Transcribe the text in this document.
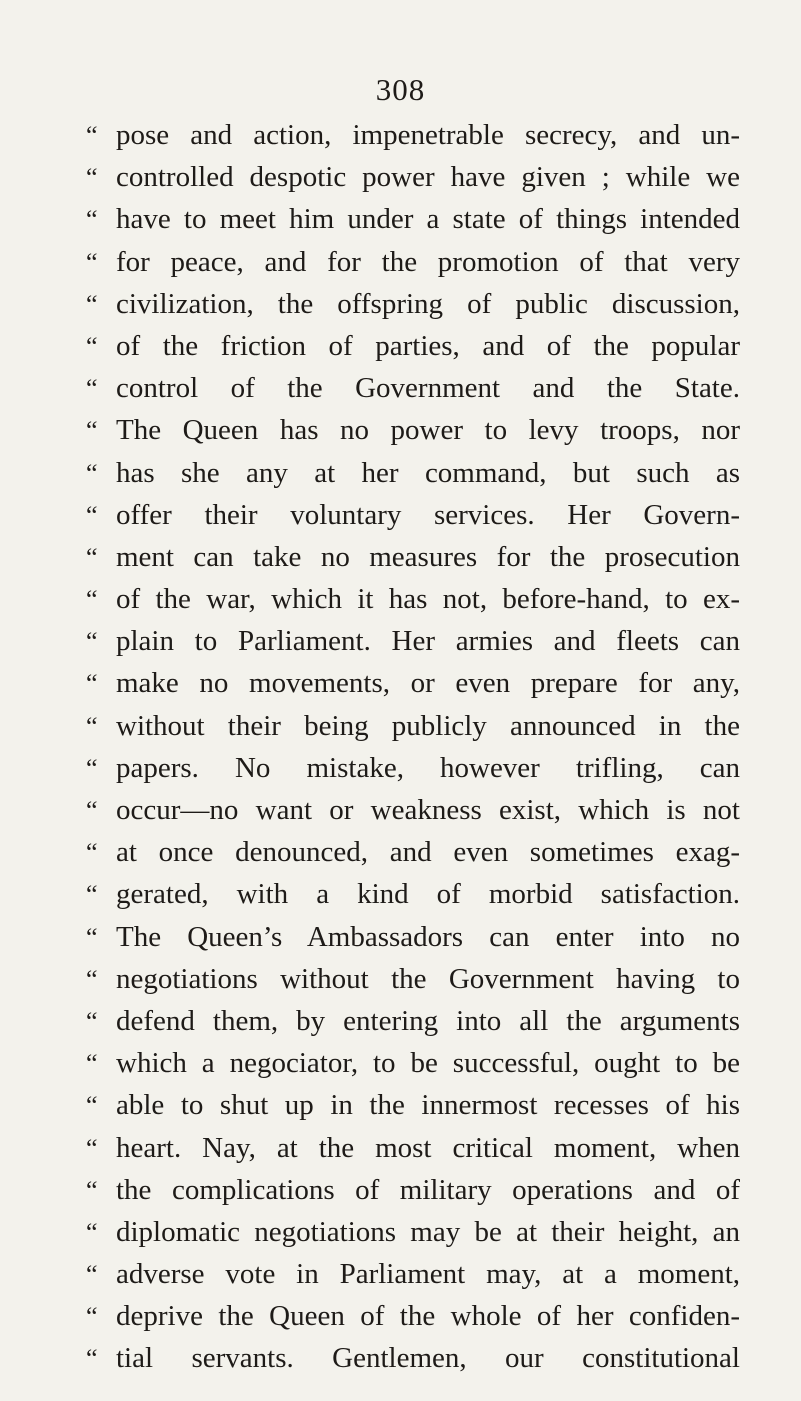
308
“ pose and action, impenetrable secrecy, and un-
“ controlled despotic power have given ; while we
“ have to meet him under a state of things intended
“ for peace, and for the promotion of that very
“ civilization, the offspring of public discussion,
“ of the friction of parties, and of the popular
“ control of the Government and the State.
“ The Queen has no power to levy troops, nor
“ has she any at her command, but such as
“ offer their voluntary services. Her Govern-
“ ment can take no measures for the prosecution
“ of the war, which it has not, before-hand, to ex-
“ plain to Parliament. Her armies and fleets can
“ make no movements, or even prepare for any,
“ without their being publicly announced in the
“ papers. No mistake, however trifling, can
“ occur—no want or weakness exist, which is not
“ at once denounced, and even sometimes exag-
“ gerated, with a kind of morbid satisfaction.
“ The Queen’s Ambassadors can enter into no
“ negotiations without the Government having to
“ defend them, by entering into all the arguments
“ which a negociator, to be successful, ought to be
“ able to shut up in the innermost recesses of his
“ heart. Nay, at the most critical moment, when
“ the complications of military operations and of
“ diplomatic negotiations may be at their height, an
“ adverse vote in Parliament may, at a moment,
“ deprive the Queen of the whole of her confiden-
“ tial servants. Gentlemen, our constitutional
